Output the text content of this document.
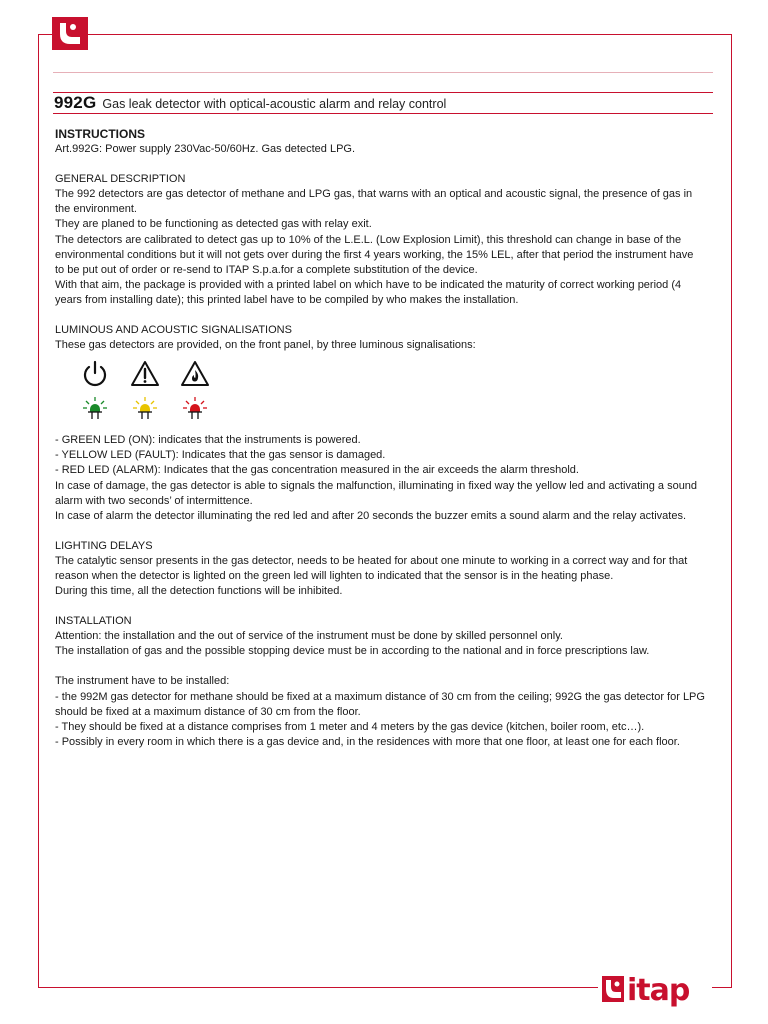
992G Gas leak detector with optical-acoustic alarm and relay control

INSTRUCTIONS

Art.992G: Power supply 230Vac-50/60Hz. Gas detected LPG.

GENERAL DESCRIPTION

The 992 detectors are gas detector of methane and LPG gas, that warns with an optical and acoustic signal, the presence of gas in the environment.

They are planed to be functioning as detected gas with relay exit.

The detectors are calibrated to detect gas up to 10% of the L.E.L. (Low Explosion Limit), this threshold can change in base of the environmental conditions but it will not gets over during the first 4 years working, the 15% LEL, after that period the instrument have to be put out of order or re-send to ITAP S.p.a.for a complete substitution of the device.

With that aim, the package is provided with a printed label on which have to be indicated the maturity of correct working period (4 years from installing date); this printed label have to be compiled by who makes the installation.

LUMINOUS AND ACOUSTIC SIGNALISATIONS

These gas detectors are provided, on the front panel, by three luminous signalisations:

- GREEN LED (ON): indicates that the instruments is powered.

- YELLOW LED (FAULT): Indicates that the gas sensor is damaged.

- RED LED (ALARM): Indicates that the gas concentration measured in the air exceeds the alarm threshold.

In case of damage, the gas detector is able to signals the malfunction, illuminating in fixed way the yellow led and activating a sound alarm with two seconds’ of intermittence.

In case of alarm the detector illuminating the red led and after 20 seconds the buzzer emits a sound alarm and the relay activates.

LIGHTING DELAYS

The catalytic sensor presents in the gas detector, needs to be heated for about one minute to working in a correct way and for that reason when the detector is lighted on the green led will lighten to indicated that the sensor is in the heating phase.

During this time, all the detection functions will be inhibited.

INSTALLATION

Attention: the installation and the out of service of the instrument must be done by skilled personnel only.

The installation of gas and the possible stopping device must be in according to the national and in force prescriptions law.

The instrument have to be installed:

- the 992M gas detector for methane should be fixed at a maximum distance of 30 cm from the ceiling; 992G the gas detector for LPG should be fixed at a maximum distance of 30 cm from the floor.

- They should be fixed at a distance comprises from 1 meter and 4 meters by the gas device (kitchen, boiler room, etc…).

- Possibly in every room in which there is a gas device and, in the residences with more that one floor, at least one for each floor.

itap
